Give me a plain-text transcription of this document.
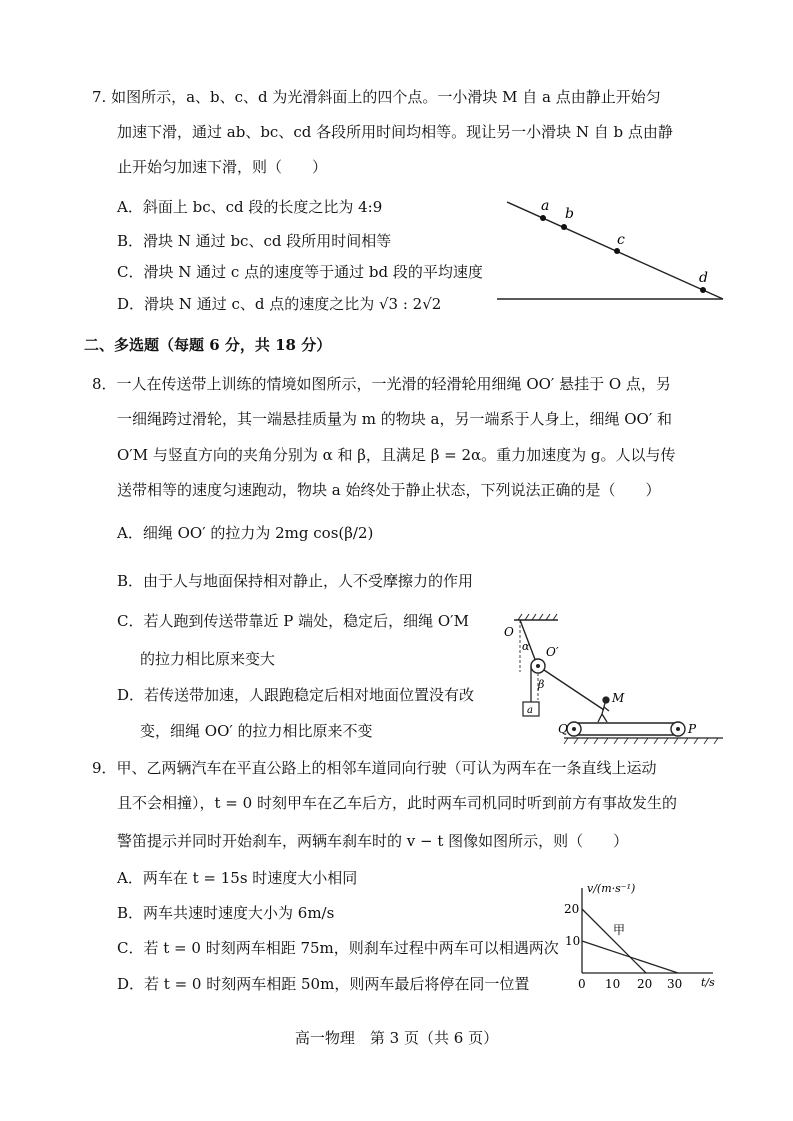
7. 如图所示，a、b、c、d 为光滑斜面上的四个点。一小滑块 M 自 a 点由静止开始匀
加速下滑，通过 ab、bc、cd 各段所用时间均相等。现让另一小滑块 N 自 b 点由静
止开始匀加速下滑，则（　　）
A．斜面上 bc、cd 段的长度之比为 4:9
B．滑块 N 通过 bc、cd 段所用时间相等
C．滑块 N 通过 c 点的速度等于通过 bd 段的平均速度
D．滑块 N 通过 c、d 点的速度之比为 √3 : 2√2
a b
c
d
二、多选题（每题 6 分，共 18 分）
8．一人在传送带上训练的情境如图所示，一光滑的轻滑轮用细绳 OO′ 悬挂于 O 点，另
一细绳跨过滑轮，其一端悬挂质量为 m 的物块 a，另一端系于人身上，细绳 OO′ 和
O′M 与竖直方向的夹角分别为 α 和 β，且满足 β = 2α。重力加速度为 g。人以与传
送带相等的速度匀速跑动，物块 a 始终处于静止状态，下列说法正确的是（　　）
A．细绳 OO′ 的拉力为 2mg cos(β/2)
B．由于人与地面保持相对静止，人不受摩擦力的作用
C．若人跑到传送带靠近 P 端处，稳定后，细绳 O′M
的拉力相比原来变大
D．若传送带加速，人跟跑稳定后相对地面位置没有改
变，细绳 OO′ 的拉力相比原来不变
O
O′
α
β
M
a
Q	P
9．甲、乙两辆汽车在平直公路上的相邻车道同向行驶（可认为两车在一条直线上运动
且不会相撞），t = 0 时刻甲车在乙车后方，此时两车司机同时听到前方有事故发生的
警笛提示并同时开始刹车，两辆车刹车时的 v − t 图像如图所示，则（　　）
A．两车在 t = 15s 时速度大小相同
B．两车共速时速度大小为 6m/s
C．若 t = 0 时刻两车相距 75m，则刹车过程中两车可以相遇两次
D．若 t = 0 时刻两车相距 50m，则两车最后将停在同一位置
v/(m·s⁻¹)
t/s
20
10
0 10 20 30
甲
高一物理　第 3 页（共 6 页）
